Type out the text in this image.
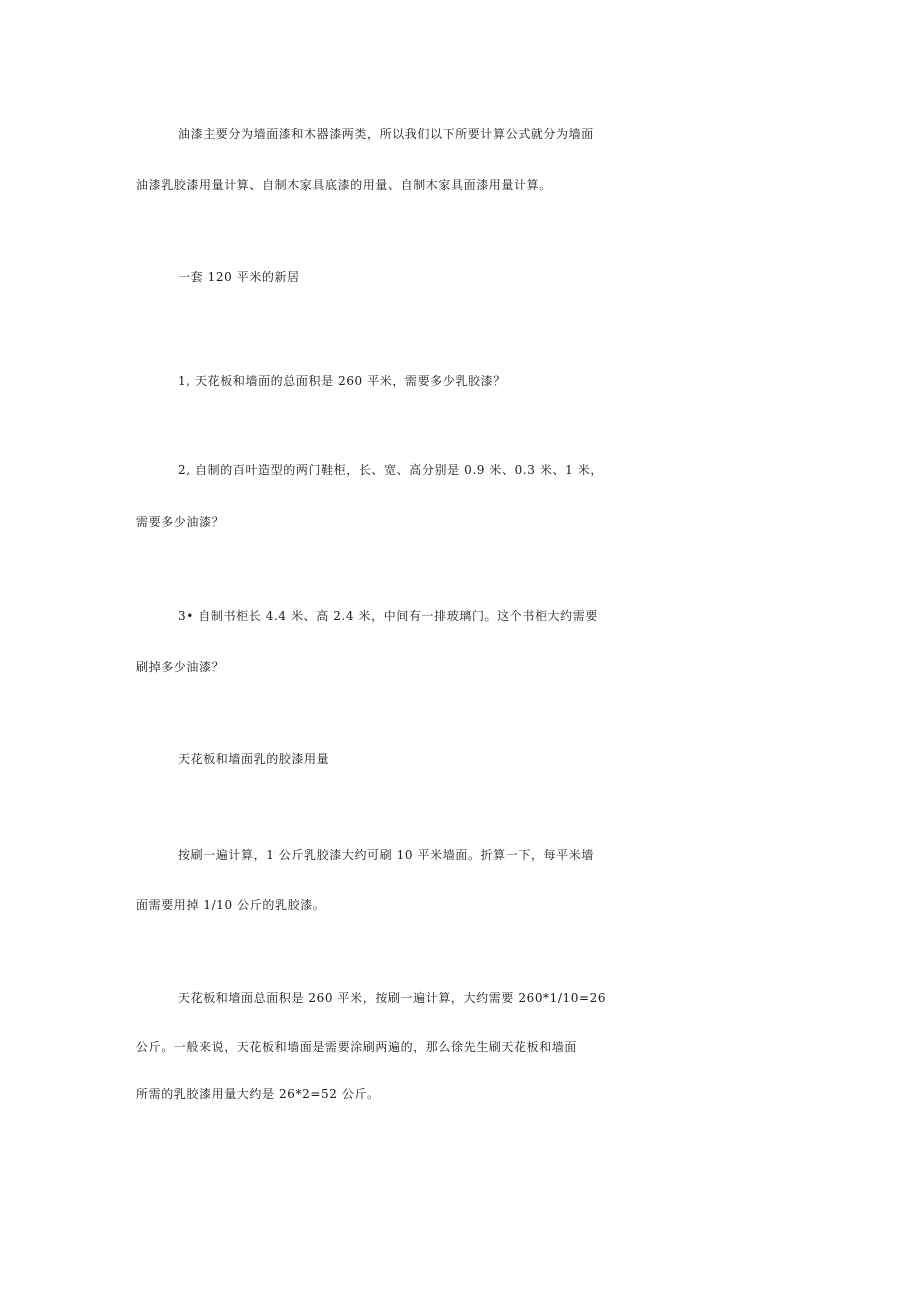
油漆主要分为墙面漆和木器漆两类，所以我们以下所要计算公式就分为墙面
油漆乳胶漆用量计算、自制木家具底漆的用量、自制木家具面漆用量计算。
一套 120 平米的新居
1, 天花板和墙面的总面积是 260 平米，需要多少乳胶漆？
2, 自制的百叶造型的两门鞋柜，长、宽、高分别是 0.9 米、0.3 米、1 米，
需要多少油漆？
3• 自制书柜长 4.4 米、高 2.4 米，中间有一排玻璃门。这个书柜大约需要
刷掉多少油漆？
天花板和墙面乳的胶漆用量
按刷一遍计算，1 公斤乳胶漆大约可刷 10 平米墙面。折算一下，每平米墙
面需要用掉 1/10 公斤的乳胶漆。
天花板和墙面总面积是 260 平米，按刷一遍计算，大约需要 260*1/10=26
公斤。一般来说，天花板和墙面是需要涂刷两遍的，那么徐先生刷天花板和墙面
所需的乳胶漆用量大约是 26*2=52 公斤。
